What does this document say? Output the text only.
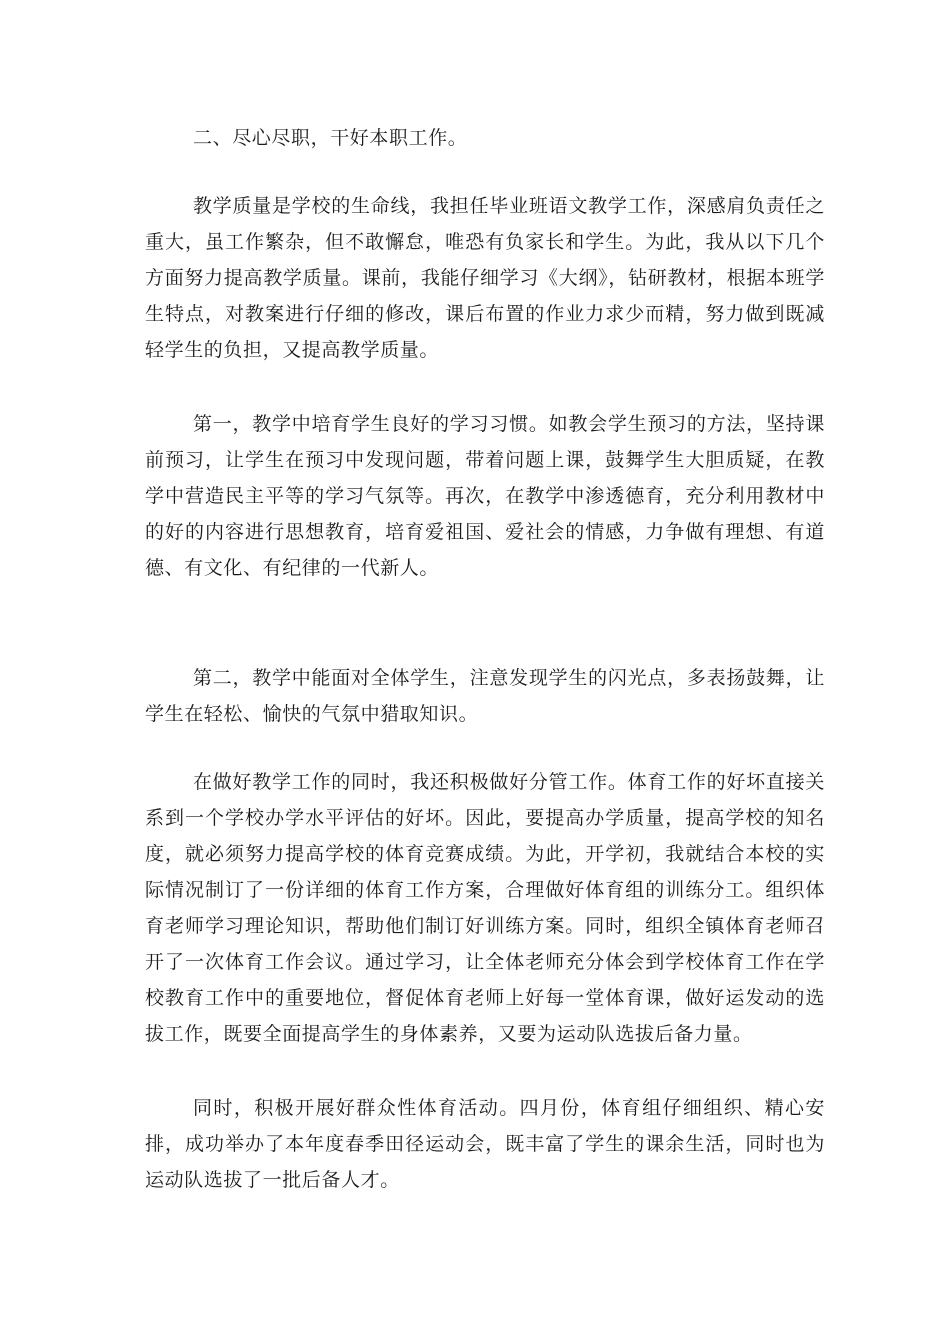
二、尽心尽职，干好本职工作。

教学质量是学校的生命线，我担任毕业班语文教学工作，深感肩负责任之重大，虽工作繁杂，但不敢懈怠，唯恐有负家长和学生。为此，我从以下几个方面努力提高教学质量。课前，我能仔细学习《大纲》，钻研教材，根据本班学生特点，对教案进行仔细的修改，课后布置的作业力求少而精，努力做到既减轻学生的负担，又提高教学质量。

第一，教学中培育学生良好的学习习惯。如教会学生预习的方法，坚持课前预习，让学生在预习中发现问题，带着问题上课，鼓舞学生大胆质疑，在教学中营造民主平等的学习气氛等。再次，在教学中渗透德育，充分利用教材中的好的内容进行思想教育，培育爱祖国、爱社会的情感，力争做有理想、有道德、有文化、有纪律的一代新人。

第二，教学中能面对全体学生，注意发现学生的闪光点，多表扬鼓舞，让学生在轻松、愉快的气氛中猎取知识。

在做好教学工作的同时，我还积极做好分管工作。体育工作的好坏直接关系到一个学校办学水平评估的好坏。因此，要提高办学质量，提高学校的知名度，就必须努力提高学校的体育竞赛成绩。为此，开学初，我就结合本校的实际情况制订了一份详细的体育工作方案，合理做好体育组的训练分工。组织体育老师学习理论知识，帮助他们制订好训练方案。同时，组织全镇体育老师召开了一次体育工作会议。通过学习，让全体老师充分体会到学校体育工作在学校教育工作中的重要地位，督促体育老师上好每一堂体育课，做好运发动的选拔工作，既要全面提高学生的身体素养，又要为运动队选拔后备力量。

同时，积极开展好群众性体育活动。四月份，体育组仔细组织、精心安排，成功举办了本年度春季田径运动会，既丰富了学生的课余生活，同时也为运动队选拔了一批后备人才。
